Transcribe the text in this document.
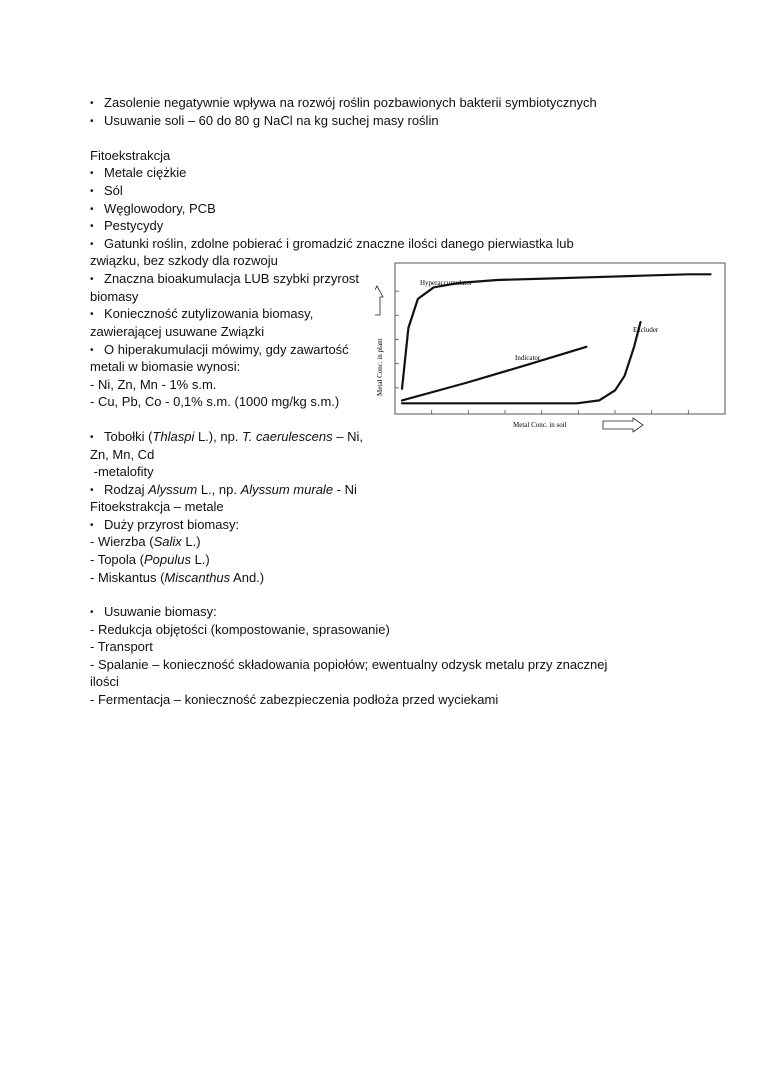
• Zasolenie negatywnie wpływa na rozwój roślin pozbawionych bakterii symbiotycznych
• Usuwanie soli – 60 do 80 g NaCl na kg suchej masy roślin
Fitoekstrakcja
• Metale ciężkie
• Sól
• Węglowodory, PCB
• Pestycydy
• Gatunki roślin, zdolne pobierać i gromadzić znaczne ilości danego pierwiastka lub
związku, bez szkody dla rozwoju
• Znaczna bioakumulacja LUB szybki przyrost
biomasy
• Konieczność zutylizowania biomasy,
zawierającej usuwane Związki
• O hiperakumulacji mówimy, gdy zawartość
metali w biomasie wynosi:
- Ni, Zn, Mn - 1% s.m.
- Cu, Pb, Co - 0,1% s.m. (1000 mg/kg s.m.)
• Tobołki (Thlaspi L.), np. T. caerulescens – Ni,
Zn, Mn, Cd
-metalofity
• Rodzaj Alyssum L., np. Alyssum murale - Ni
Fitoekstrakcja – metale
• Duży przyrost biomasy:
- Wierzba (Salix L.)
- Topola (Populus L.)
- Miskantus (Miscanthus And.)
• Usuwanie biomasy:
- Redukcja objętości (kompostowanie, sprasowanie)
- Transport
- Spalanie – konieczność składowania popiołów; ewentualny odzysk metalu przy znacznej
ilości
- Fermentacja – konieczność zabezpieczenia podłoża przed wyciekami
Hyperaccumulator
Indicator
Excluder
Metal Conc. in soil
Metal Conc. in plant
